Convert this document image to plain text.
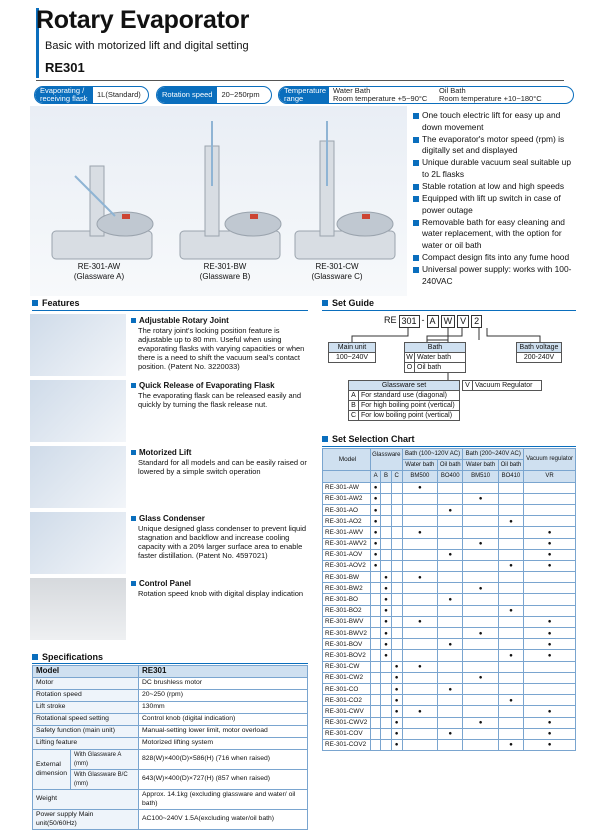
Rotary Evaporator
Basic with motorized lift and digital setting
RE301
Evaporating / receiving flask	1L(Standard)	Rotation speed	20~250rpm	Temperature range
Water Bath
Room temperature +5~90°C
Oil Bath
Room temperature +10~180°C
RE-301-AW
(Glassware A)
RE-301-BW
(Glassware B)
RE-301-CW
(Glassware C)
One touch electric lift for easy up and down movement
The evaporator's motor speed (rpm) is digitally set and displayed
Unique durable vacuum seal suitable up to 2L flasks
Stable rotation at low and high speeds
Equipped with lift up switch in case of power outage
Removable bath for easy cleaning and water replacement, with the option for water or oil bath
Compact design fits into any fume hood
Universal power supply: works with 100-240VAC
Features
Adjustable Rotary Joint
The rotary joint's locking position feature is adjustable up to 80 mm. Useful when using evaporating flasks with varying capacities or when there is a need to shift the vacuum seal's contact position. (Patent No. 3220033)
Quick Release of Evaporating Flask
The evaporating flask can be released easily and quickly by turning the flask release nut.
Motorized Lift
Standard for all models and can be easily raised or lowered by a simple switch operation
Glass Condenser
Unique designed glass condenser to prevent liquid stagnation and backflow and increase cooling capacity with a 20% larger surface area to enable faster distillation. (Patent No. 4597021)
Control Panel
Rotation speed knob with digital display indication
Specifications
Model		RE301
Motor		DC brushless motor
Rotation speed		20~250 (rpm)
Lift stroke		130mm
Rotational speed setting		Control knob (digital indication)
Safety function (main unit)		Manual-setting lower limit, motor overload
Lifting feature		Motorized lifting system
External dimension	With Glassware A (mm)	828(W)×400(D)×586(H) (716 when raised)
	With Glassware B/C (mm)	643(W)×400(D)×727(H) (857 when raised)
Weight		Approx. 14.1kg (excluding glassware and water/ oil bath)
Power supply Main unit(50/60Hz)		AC100~240V 1.5A(excluding water/oil bath)
Set Guide
RE 301 - A W V 2
Main unit
100~240V
Bath
W Water bath
O Oil bath
Bath voltage
200-240V
Glassware set
A For standard use (diagonal)
B For high boiling point (vertical)
C For low boiling point (vertical)
V Vacuum Regulator
Set Selection Chart
Model	Glassware			Bath (100~120V AC)		Bath (200~240V AC)		Vacuum regulator
				Water bath	Oil bath	Water bath	Oil bath	
	A	B	C	BM500	BO400	BM510	BO410	VR
RE-301-AW	●			●				
RE-301-AW2	●					●		
RE-301-AO	●				●			
RE-301-AO2	●						●	
RE-301-AWV	●			●				●
RE-301-AWV2	●					●		●
RE-301-AOV	●				●			●
RE-301-AOV2	●						●	●
RE-301-BW		●		●				
RE-301-BW2		●				●		
RE-301-BO		●			●			
RE-301-BO2		●					●	
RE-301-BWV		●		●				●
RE-301-BWV2		●				●		●
RE-301-BOV		●			●			●
RE-301-BOV2		●					●	●
RE-301-CW			●	●				
RE-301-CW2			●			●		
RE-301-CO			●		●			
RE-301-CO2			●				●	
RE-301-CWV			●	●				●
RE-301-CWV2			●			●		●
RE-301-COV			●		●			●
RE-301-COV2			●				●	●
